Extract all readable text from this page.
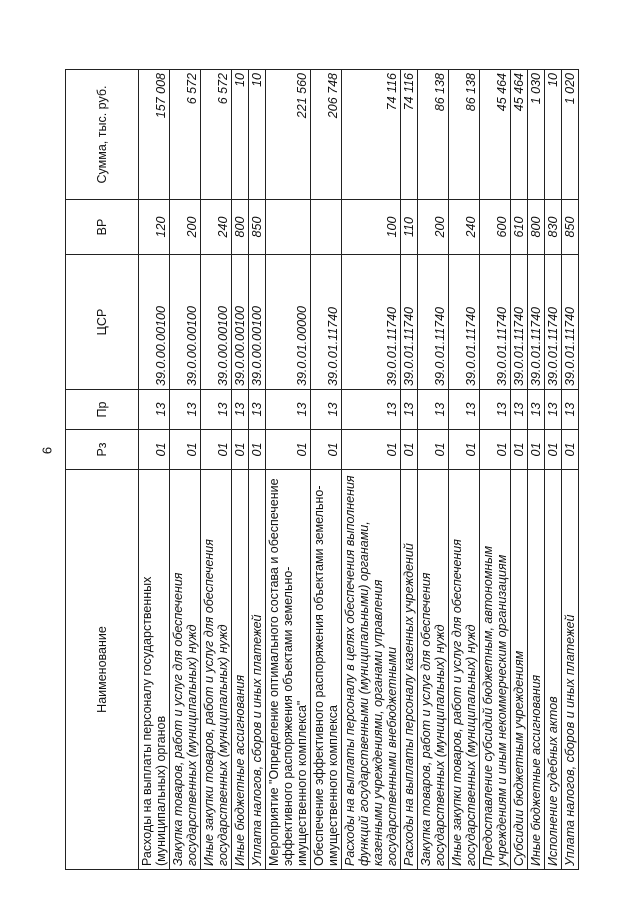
9
Наименование	Рз	Пр	ЦСР	ВР	Сумма, тыс. руб.
Расходы на выплаты персоналу государственных (муниципальных) органов	01	13	39.0.00.00100	120	157 008
Закупка товаров, работ и услуг для обеспечения государственных (муниципальных) нужд	01	13	39.0.00.00100	200	6 572
Иные закупки товаров, работ и услуг для обеспечения государственных (муниципальных) нужд	01	13	39.0.00.00100	240	6 572
Иные бюджетные ассигнования	01	13	39.0.00.00100	800	10
Уплата налогов, сборов и иных платежей	01	13	39.0.00.00100	850	10
Мероприятие "Определение оптимального состава и обеспечение эффективного распоряжения объектами земельно-имущественного комплекса"	01	13	39.0.01.00000		221 560
Обеспечение эффективного распоряжения объектами земельно-имущественного комплекса	01	13	39.0.01.11740		206 748
Расходы на выплаты персоналу в целях обеспечения выполнения функций государственными (муниципальными) органами, казенными учреждениями, органами управления государственными внебюджетными	01	13	39.0.01.11740	100	74 116
Расходы на выплаты персоналу казенных учреждений	01	13	39.0.01.11740	110	74 116
Закупка товаров, работ и услуг для обеспечения государственных (муниципальных) нужд	01	13	39.0.01.11740	200	86 138
Иные закупки товаров, работ и услуг для обеспечения государственных (муниципальных) нужд	01	13	39.0.01.11740	240	86 138
Предоставление субсидий бюджетным, автономным учреждениям и иным некоммерческим организациям	01	13	39.0.01.11740	600	45 464
Субсидии бюджетным учреждениям	01	13	39.0.01.11740	610	45 464
Иные бюджетные ассигнования	01	13	39.0.01.11740	800	1 030
Исполнение судебных актов	01	13	39.0.01.11740	830	10
Уплата налогов, сборов и иных платежей	01	13	39.0.01.11740	850	1 020
